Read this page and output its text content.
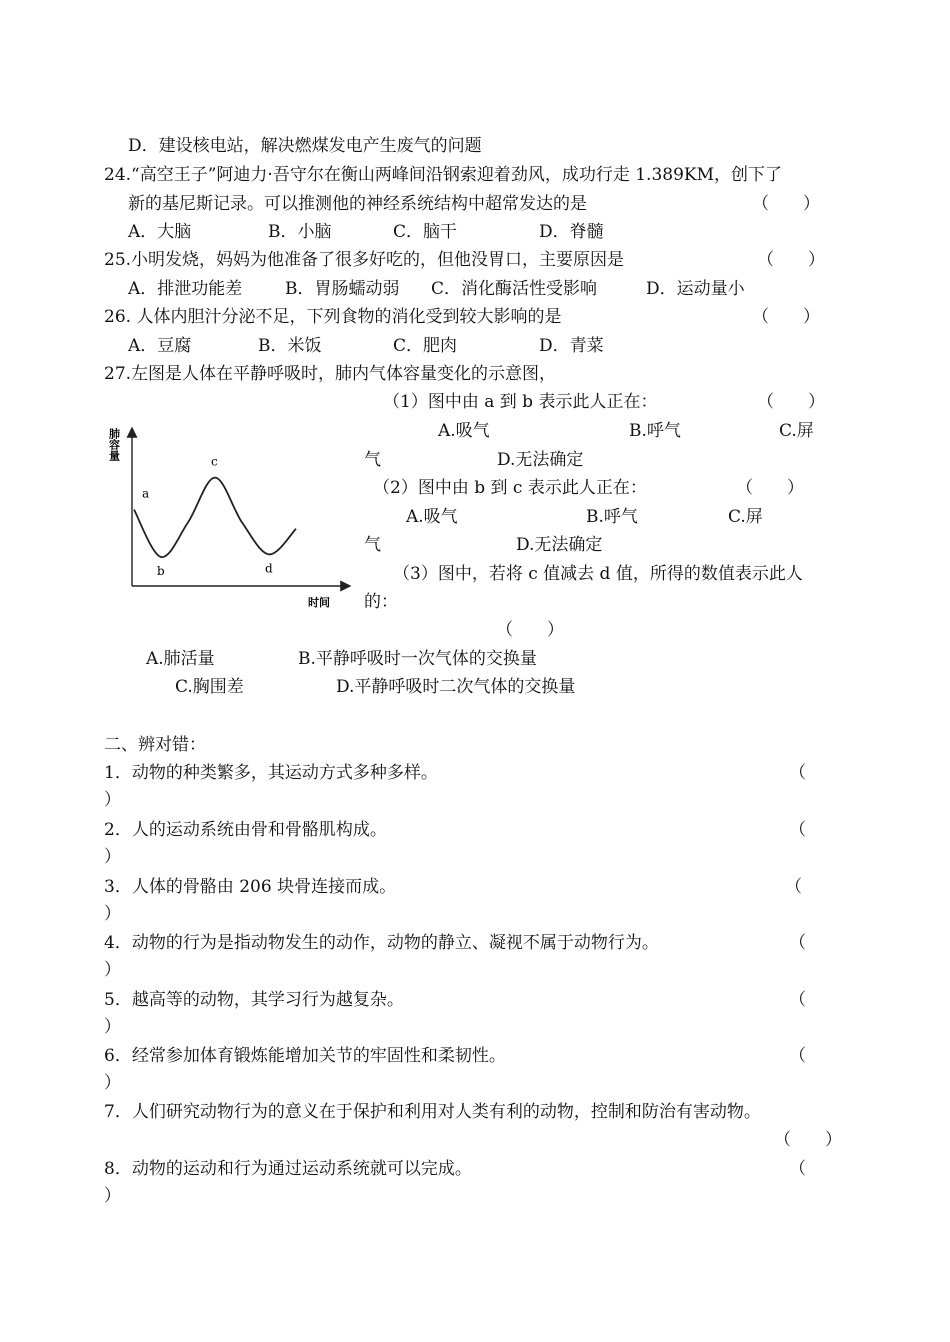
D．建设核电站，解决燃煤发电产生废气的问题
24.“高空王子”阿迪力·吾守尔在衡山两峰间沿钢索迎着劲风，成功行走 1.389KM，创下了
新的基尼斯记录。可以推测他的神经系统结构中超常发达的是	（　　）
A．大脑	B．小脑	C．脑干	D．脊髓
25.小明发烧，妈妈为他准备了很多好吃的，但他没胃口，主要原因是	（　　）
A．排泄功能差	B．胃肠蠕动弱 C．消化酶活性受影响	D．运动量小
26. 人体内胆汁分泌不足，下列食物的消化受到较大影响的是	（　　）
A．豆腐	B．米饭	C．肥肉	D．青菜
27.左图是人体在平静呼吸时，肺内气体容量变化的示意图，
肺容量
时间
a
b
c
d
（1）图中由 a 到 b 表示此人正在：	（　　）
A.吸气	B.呼气	C.屏
气	D.无法确定
（2）图中由 b 到 c 表示此人正在：	（　　）
A.吸气	B.呼气	C.屏
气	D.无法确定
（3）图中，若将 c 值减去 d 值，所得的数值表示此人
的：
（　　）
A.肺活量	B.平静呼吸时一次气体的交换量
C.胸围差	D.平静呼吸时二次气体的交换量
二、辨对错：
1．动物的种类繁多，其运动方式多种多样。	（
）
2．人的运动系统由骨和骨骼肌构成。	（
）
3．人体的骨骼由 206 块骨连接而成。	（
）
4．动物的行为是指动物发生的动作，动物的静立、凝视不属于动物行为。	（
）
5．越高等的动物，其学习行为越复杂。	（
）
6．经常参加体育锻炼能增加关节的牢固性和柔韧性。	（
）
7．人们研究动物行为的意义在于保护和利用对人类有利的动物，控制和防治有害动物。
（　　）
8．动物的运动和行为通过运动系统就可以完成。	（
）
